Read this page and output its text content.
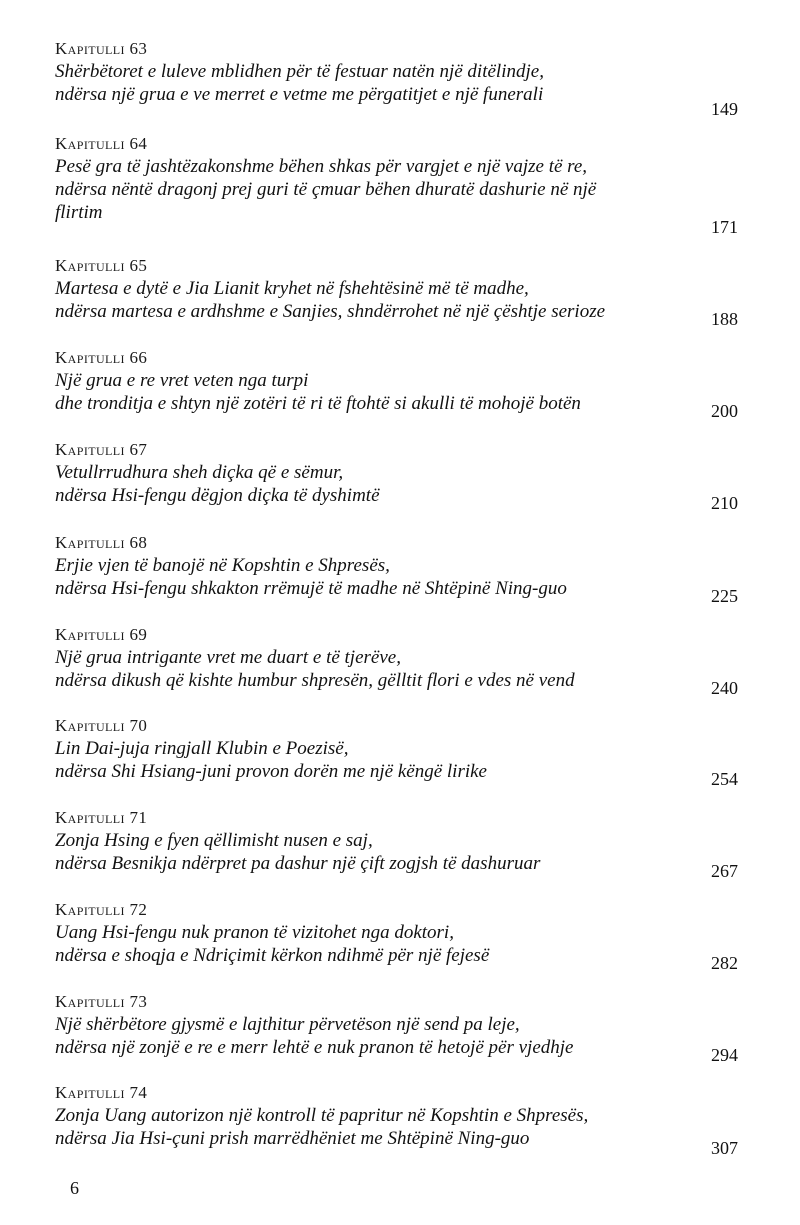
Kapitulli 63
Shërbëtoret e luleve mblidhen për të festuar natën një ditëlindje,
ndërsa një grua e ve merret e vetme me përgatitjet e një funerali
149
Kapitulli 64
Pesë gra të jashtëzakonshme bëhen shkas për vargjet e një vajze të re,
ndërsa nëntë dragonj prej guri të çmuar bëhen dhuratë dashurie në një
flirtim
171
Kapitulli 65
Martesa e dytë e Jia Lianit kryhet në fshehtësinë më të madhe,
ndërsa martesa e ardhshme e Sanjies, shndërrohet në një çështje serioze	188
Kapitulli 66
Një grua e re vret veten nga turpi
dhe tronditja e shtyn një zotëri të ri të ftohtë si akulli të mohojë botën	200
Kapitulli 67
Vetullrrudhura sheh diçka që e sëmur,
ndërsa Hsi-fengu dëgjon diçka të dyshimtë	210
Kapitulli 68
Erjie vjen të banojë në Kopshtin e Shpresës,
ndërsa Hsi-fengu shkakton rrëmujë të madhe në Shtëpinë Ning-guo	225
Kapitulli 69
Një grua intrigante vret me duart e të tjerëve,
ndërsa dikush që kishte humbur shpresën, gëlltit flori e vdes në vend	240
Kapitulli 70
Lin Dai-juja ringjall Klubin e Poezisë,
ndërsa Shi Hsiang-juni provon dorën me një këngë lirike	254
Kapitulli 71
Zonja Hsing e fyen qëllimisht nusen e saj,
ndërsa Besnikja ndërpret pa dashur një çift zogjsh të dashuruar	267
Kapitulli 72
Uang Hsi-fengu nuk pranon të vizitohet nga doktori,
ndërsa e shoqja e Ndriçimit kërkon ndihmë për një fejesë	282
Kapitulli 73
Një shërbëtore gjysmë e lajthitur përvetëson një send pa leje,
ndërsa një zonjë e re e merr lehtë e nuk pranon të hetojë për vjedhje	294
Kapitulli 74
Zonja Uang autorizon një kontroll të papritur në Kopshtin e Shpresës,
ndërsa Jia Hsi-çuni prish marrëdhëniet me Shtëpinë Ning-guo	307
6
